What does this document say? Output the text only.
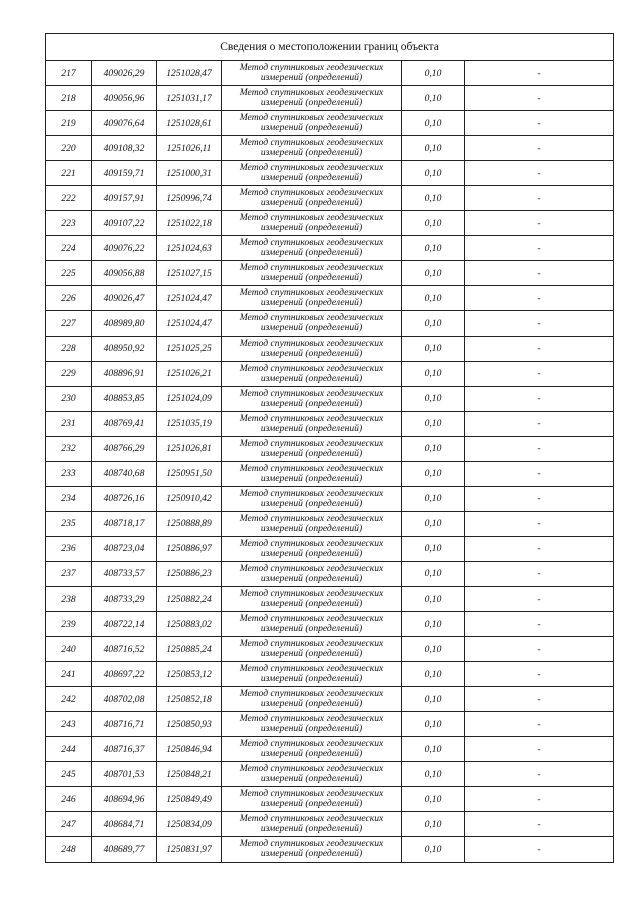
Сведения о местоположении границ объекта					
217	409026,29	1251028,47	Метод спутниковых геодезических
измерений (определений)	0,10	-
218	409056,96	1251031,17	Метод спутниковых геодезических
измерений (определений)	0,10	-
219	409076,64	1251028,61	Метод спутниковых геодезических
измерений (определений)	0,10	-
220	409108,32	1251026,11	Метод спутниковых геодезических
измерений (определений)	0,10	-
221	409159,71	1251000,31	Метод спутниковых геодезических
измерений (определений)	0,10	-
222	409157,91	1250996,74	Метод спутниковых геодезических
измерений (определений)	0,10	-
223	409107,22	1251022,18	Метод спутниковых геодезических
измерений (определений)	0,10	-
224	409076,22	1251024,63	Метод спутниковых геодезических
измерений (определений)	0,10	-
225	409056,88	1251027,15	Метод спутниковых геодезических
измерений (определений)	0,10	-
226	409026,47	1251024,47	Метод спутниковых геодезических
измерений (определений)	0,10	-
227	408989,80	1251024,47	Метод спутниковых геодезических
измерений (определений)	0,10	-
228	408950,92	1251025,25	Метод спутниковых геодезических
измерений (определений)	0,10	-
229	408896,91	1251026,21	Метод спутниковых геодезических
измерений (определений)	0,10	-
230	408853,85	1251024,09	Метод спутниковых геодезических
измерений (определений)	0,10	-
231	408769,41	1251035,19	Метод спутниковых геодезических
измерений (определений)	0,10	-
232	408766,29	1251026,81	Метод спутниковых геодезических
измерений (определений)	0,10	-
233	408740,68	1250951,50	Метод спутниковых геодезических
измерений (определений)	0,10	-
234	408726,16	1250910,42	Метод спутниковых геодезических
измерений (определений)	0,10	-
235	408718,17	1250888,89	Метод спутниковых геодезических
измерений (определений)	0,10	-
236	408723,04	1250886,97	Метод спутниковых геодезических
измерений (определений)	0,10	-
237	408733,57	1250886,23	Метод спутниковых геодезических
измерений (определений)	0,10	-
238	408733,29	1250882,24	Метод спутниковых геодезических
измерений (определений)	0,10	-
239	408722,14	1250883,02	Метод спутниковых геодезических
измерений (определений)	0,10	-
240	408716,52	1250885,24	Метод спутниковых геодезических
измерений (определений)	0,10	-
241	408697,22	1250853,12	Метод спутниковых геодезических
измерений (определений)	0,10	-
242	408702,08	1250852,18	Метод спутниковых геодезических
измерений (определений)	0,10	-
243	408716,71	1250850,93	Метод спутниковых геодезических
измерений (определений)	0,10	-
244	408716,37	1250846,94	Метод спутниковых геодезических
измерений (определений)	0,10	-
245	408701,53	1250848,21	Метод спутниковых геодезических
измерений (определений)	0,10	-
246	408694,96	1250849,49	Метод спутниковых геодезических
измерений (определений)	0,10	-
247	408684,71	1250834,09	Метод спутниковых геодезических
измерений (определений)	0,10	-
248	408689,77	1250831,97	Метод спутниковых геодезических
измерений (определений)	0,10	-
